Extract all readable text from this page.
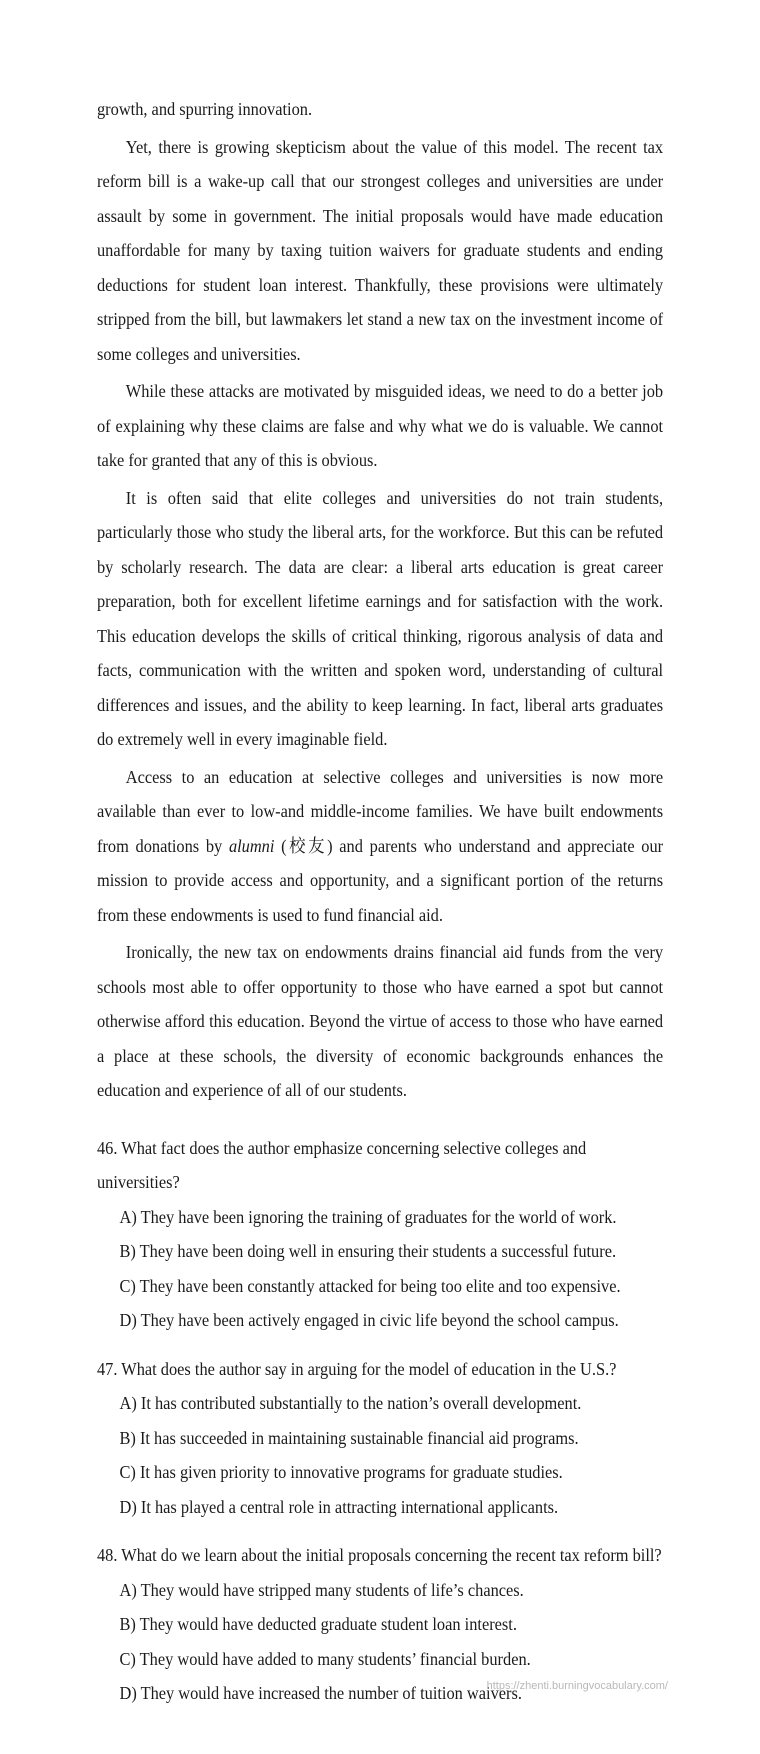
growth, and spurring innovation.

Yet, there is growing skepticism about the value of this model. The recent tax reform bill is a wake-up call that our strongest colleges and universities are under assault by some in government. The initial proposals would have made education unaffordable for many by taxing tuition waivers for graduate students and ending deductions for student loan interest. Thankfully, these provisions were ultimately stripped from the bill, but lawmakers let stand a new tax on the investment income of some colleges and universities.

While these attacks are motivated by misguided ideas, we need to do a better job of explaining why these claims are false and why what we do is valuable. We cannot take for granted that any of this is obvious.

It is often said that elite colleges and universities do not train students, particularly those who study the liberal arts, for the workforce. But this can be refuted by scholarly research. The data are clear: a liberal arts education is great career preparation, both for excellent lifetime earnings and for satisfaction with the work. This education develops the skills of critical thinking, rigorous analysis of data and facts, communication with the written and spoken word, understanding of cultural differences and issues, and the ability to keep learning. In fact, liberal arts graduates do extremely well in every imaginable field.

Access to an education at selective colleges and universities is now more available than ever to low-and middle-income families. We have built endowments from donations by alumni (校友) and parents who understand and appreciate our mission to provide access and opportunity, and a significant portion of the returns from these endowments is used to fund financial aid.

Ironically, the new tax on endowments drains financial aid funds from the very schools most able to offer opportunity to those who have earned a spot but cannot otherwise afford this education. Beyond the virtue of access to those who have earned a place at these schools, the diversity of economic backgrounds enhances the education and experience of all of our students.

46. What fact does the author emphasize concerning selective colleges and universities?

A) They have been ignoring the training of graduates for the world of work.

B) They have been doing well in ensuring their students a successful future.

C) They have been constantly attacked for being too elite and too expensive.

D) They have been actively engaged in civic life beyond the school campus.

47. What does the author say in arguing for the model of education in the U.S.?

A) It has contributed substantially to the nation’s overall development.

B) It has succeeded in maintaining sustainable financial aid programs.

C) It has given priority to innovative programs for graduate studies.

D) It has played a central role in attracting international applicants.

48. What do we learn about the initial proposals concerning the recent tax reform bill?

A) They would have stripped many students of life’s chances.

B) They would have deducted graduate student loan interest.

C) They would have added to many students’ financial burden.

D) They would have increased the number of tuition waivers.

https://zhenti.burningvocabulary.com/
